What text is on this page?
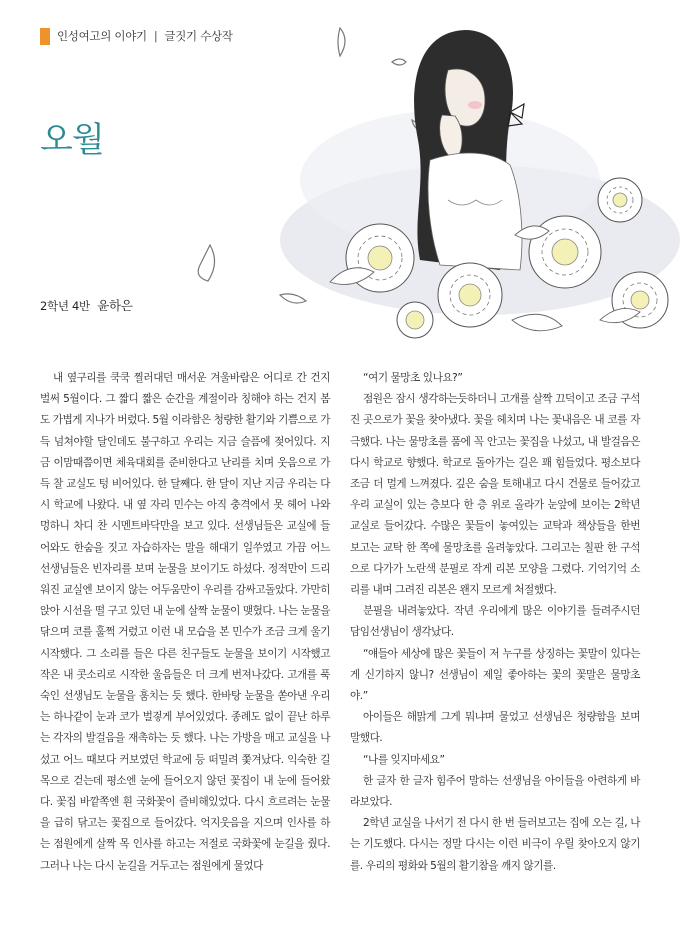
인성여고의 이야기 | 글짓기 수상작
오월
2학년 4반 윤하은

내 옆구리를 쿡쿡 찔러대던 매서운 겨울바람은 어디로 간 건지 벌써 5월이다. 그 짧디 짧은 순간을 계절이라 칭해야 하는 건지 봄도 가볍게 지나가 버렸다. 5월 이라함은 청량한 활기와 기쁨으로 가득 넘쳐야할 달인데도 불구하고 우리는 지금 슬픔에 젖어있다. 지금 이맘때쯤이면 체육대회를 준비한다고 난리를 치며 웃음으로 가득 찰 교실도 텅 비어있다. 한 달째다. 한 달이 지난 지금 우리는 다시 학교에 나왔다. 내 옆 자리 민수는 아직 충격에서 못 헤어 나와 멍하니 차디 찬 시멘트바닥만을 보고 있다. 선생님들은 교실에 들어와도 한숨을 짓고 자습하자는 말을 해대기 일쑤였고 가끔 어느 선생님들은 빈자리를 보며 눈물을 보이기도 하셨다. 정적만이 드리워진 교실엔 보이지 않는 어두움만이 우리를 감싸고돌았다. 가만히 앉아 시선을 떨 구고 있던 내 눈에 살짝 눈물이 맺혔다. 나는 눈물을 닦으며 코를 훌쩍 거렸고 이런 내 모습을 본 민수가 조금 크게 울기 시작했다. 그 소리를 들은 다른 친구들도 눈물을 보이기 시작했고 작은 내 콧소리로 시작한 울음들은 더 크게 번져나갔다. 고개를 푹 숙인 선생님도 눈물을 훔치는 듯 했다. 한바탕 눈물을 쏟아낸 우리는 하나같이 눈과 코가 벌겋게 부어있었다. 종례도 없이 끝난 하루는 각자의 발걸음을 재촉하는 듯 했다. 나는 가방을 매고 교실을 나섰고 어느 때보다 커보였던 학교에 등 떠밀려 쫓겨났다. 익숙한 길목으로 걷는데 평소엔 눈에 들어오지 않던 꽃집이 내 눈에 들어왔다. 꽃집 바깥쪽엔 흰 국화꽃이 즐비해있었다. 다시 흐르려는 눈물을 급히 닦고는 꽃집으로 들어갔다. 억지웃음을 지으며 인사를 하는 점원에게 살짝 목 인사를 하고는 저절로 국화꽃에 눈길을 줬다. 그러나 나는 다시 눈길을 거두고는 점원에게 물었다

“여기 물망초 있나요?”

점원은 잠시 생각하는듯하더니 고개를 살짝 끄덕이고 조금 구석진 곳으로가 꽃을 찾아냈다. 꽃을 헤치며 나는 꽃내음은 내 코를 자극했다. 나는 물망초를 품에 꼭 안고는 꽃집을 나섰고, 내 발걸음은 다시 학교로 향했다. 학교로 돌아가는 길은 꽤 힘들었다. 평소보다 조금 더 멀게 느껴졌다. 깊은 숨을 토해내고 다시 건물로 들어갔고 우리 교실이 있는 층보다 한 층 위로 올라가 눈앞에 보이는 2학년 교실로 들어갔다. 수많은 꽃들이 놓여있는 교탁과 책상들을 한번 보고는 교탁 한 쪽에 물망초를 올려놓았다. 그리고는 칠판 한 구석으로 다가가 노란색 분필로 작게 리본 모양을 그렸다. 기억기억 소리를 내며 그려진 리본은 왠지 모르게 처절했다.

분필을 내려놓았다. 작년 우리에게 많은 이야기를 들려주시던 담임선생님이 생각났다.

“얘들아 세상에 많은 꽃들이 저 누구를 상징하는 꽃말이 있다는 게 신기하지 않니? 선생님이 제일 좋아하는 꽃의 꽃말은 물망초야.”

아이들은 해맑게 그게 뭐냐며 물었고 선생님은 청량함을 보며 말했다.

“나를 잊지마세요”

한 글자 한 글자 힘주어 말하는 선생님을 아이들을 아련하게 바라보았다.

2학년 교실을 나서기 전 다시 한 번 들러보고는 집에 오는 길, 나는 기도했다. 다시는 정말 다시는 이런 비극이 우릴 찾아오지 않기를. 우리의 평화와 5월의 활기참을 깨지 않기를.
